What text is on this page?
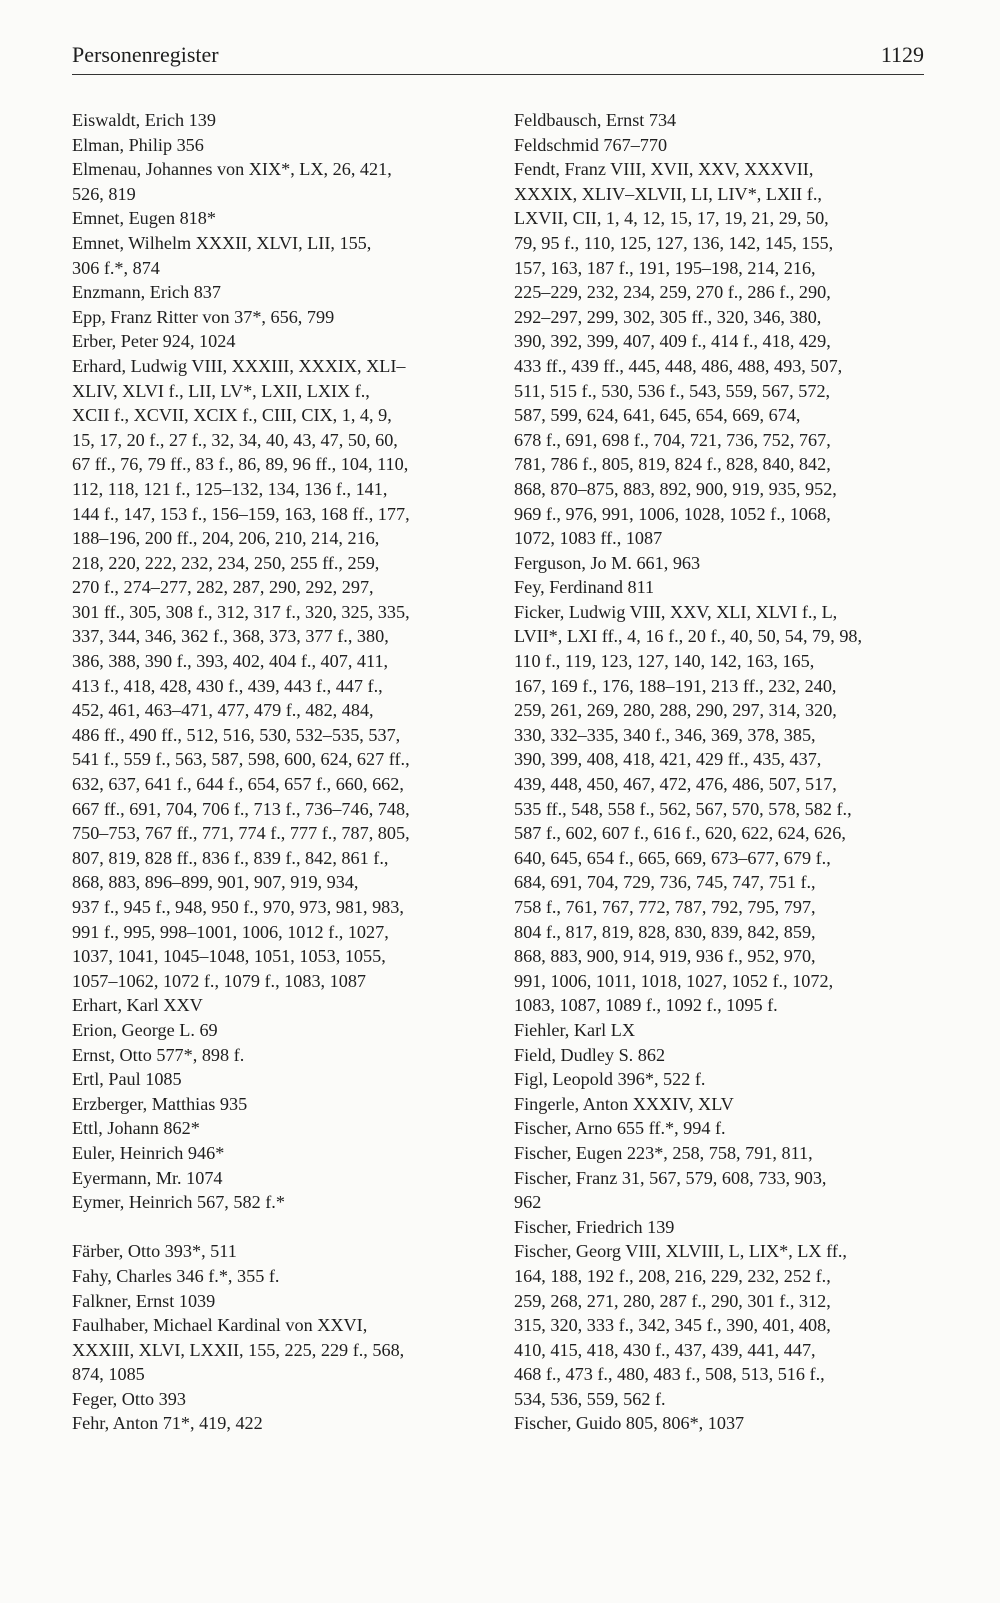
Personenregister	1129

Eiswaldt, Erich 139

Elman, Philip 356

Elmenau, Johannes von XIX*, LX, 26, 421,
526, 819

Emnet, Eugen 818*

Emnet, Wilhelm XXXII, XLVI, LII, 155,
306 f.*, 874

Enzmann, Erich 837

Epp, Franz Ritter von 37*, 656, 799

Erber, Peter 924, 1024

Erhard, Ludwig VIII, XXXIII, XXXIX, XLI–
XLIV, XLVI f., LII, LV*, LXII, LXIX f.,
XCII f., XCVII, XCIX f., CIII, CIX, 1, 4, 9,
15, 17, 20 f., 27 f., 32, 34, 40, 43, 47, 50, 60,
67 ff., 76, 79 ff., 83 f., 86, 89, 96 ff., 104, 110,
112, 118, 121 f., 125–132, 134, 136 f., 141,
144 f., 147, 153 f., 156–159, 163, 168 ff., 177,
188–196, 200 ff., 204, 206, 210, 214, 216,
218, 220, 222, 232, 234, 250, 255 ff., 259,
270 f., 274–277, 282, 287, 290, 292, 297,
301 ff., 305, 308 f., 312, 317 f., 320, 325, 335,
337, 344, 346, 362 f., 368, 373, 377 f., 380,
386, 388, 390 f., 393, 402, 404 f., 407, 411,
413 f., 418, 428, 430 f., 439, 443 f., 447 f.,
452, 461, 463–471, 477, 479 f., 482, 484,
486 ff., 490 ff., 512, 516, 530, 532–535, 537,
541 f., 559 f., 563, 587, 598, 600, 624, 627 ff.,
632, 637, 641 f., 644 f., 654, 657 f., 660, 662,
667 ff., 691, 704, 706 f., 713 f., 736–746, 748,
750–753, 767 ff., 771, 774 f., 777 f., 787, 805,
807, 819, 828 ff., 836 f., 839 f., 842, 861 f.,
868, 883, 896–899, 901, 907, 919, 934,
937 f., 945 f., 948, 950 f., 970, 973, 981, 983,
991 f., 995, 998–1001, 1006, 1012 f., 1027,
1037, 1041, 1045–1048, 1051, 1053, 1055,
1057–1062, 1072 f., 1079 f., 1083, 1087

Erhart, Karl XXV

Erion, George L. 69

Ernst, Otto 577*, 898 f.

Ertl, Paul 1085

Erzberger, Matthias 935

Ettl, Johann 862*

Euler, Heinrich 946*

Eyermann, Mr. 1074

Eymer, Heinrich 567, 582 f.*

Färber, Otto 393*, 511

Fahy, Charles 346 f.*, 355 f.

Falkner, Ernst 1039

Faulhaber, Michael Kardinal von XXVI,
XXXIII, XLVI, LXXII, 155, 225, 229 f., 568,
874, 1085

Feger, Otto 393

Fehr, Anton 71*, 419, 422

Feldbausch, Ernst 734

Feldschmid 767–770

Fendt, Franz VIII, XVII, XXV, XXXVII,
XXXIX, XLIV–XLVII, LI, LIV*, LXII f.,
LXVII, CII, 1, 4, 12, 15, 17, 19, 21, 29, 50,
79, 95 f., 110, 125, 127, 136, 142, 145, 155,
157, 163, 187 f., 191, 195–198, 214, 216,
225–229, 232, 234, 259, 270 f., 286 f., 290,
292–297, 299, 302, 305 ff., 320, 346, 380,
390, 392, 399, 407, 409 f., 414 f., 418, 429,
433 ff., 439 ff., 445, 448, 486, 488, 493, 507,
511, 515 f., 530, 536 f., 543, 559, 567, 572,
587, 599, 624, 641, 645, 654, 669, 674,
678 f., 691, 698 f., 704, 721, 736, 752, 767,
781, 786 f., 805, 819, 824 f., 828, 840, 842,
868, 870–875, 883, 892, 900, 919, 935, 952,
969 f., 976, 991, 1006, 1028, 1052 f., 1068,
1072, 1083 ff., 1087

Ferguson, Jo M. 661, 963

Fey, Ferdinand 811

Ficker, Ludwig VIII, XXV, XLI, XLVI f., L,
LVII*, LXI ff., 4, 16 f., 20 f., 40, 50, 54, 79, 98,
110 f., 119, 123, 127, 140, 142, 163, 165,
167, 169 f., 176, 188–191, 213 ff., 232, 240,
259, 261, 269, 280, 288, 290, 297, 314, 320,
330, 332–335, 340 f., 346, 369, 378, 385,
390, 399, 408, 418, 421, 429 ff., 435, 437,
439, 448, 450, 467, 472, 476, 486, 507, 517,
535 ff., 548, 558 f., 562, 567, 570, 578, 582 f.,
587 f., 602, 607 f., 616 f., 620, 622, 624, 626,
640, 645, 654 f., 665, 669, 673–677, 679 f.,
684, 691, 704, 729, 736, 745, 747, 751 f.,
758 f., 761, 767, 772, 787, 792, 795, 797,
804 f., 817, 819, 828, 830, 839, 842, 859,
868, 883, 900, 914, 919, 936 f., 952, 970,
991, 1006, 1011, 1018, 1027, 1052 f., 1072,
1083, 1087, 1089 f., 1092 f., 1095 f.

Fiehler, Karl LX

Field, Dudley S. 862

Figl, Leopold 396*, 522 f.

Fingerle, Anton XXXIV, XLV

Fischer, Arno 655 ff.*, 994 f.

Fischer, Eugen 223*, 258, 758, 791, 811,

Fischer, Franz 31, 567, 579, 608, 733, 903,
962

Fischer, Friedrich 139

Fischer, Georg VIII, XLVIII, L, LIX*, LX ff.,
164, 188, 192 f., 208, 216, 229, 232, 252 f.,
259, 268, 271, 280, 287 f., 290, 301 f., 312,
315, 320, 333 f., 342, 345 f., 390, 401, 408,
410, 415, 418, 430 f., 437, 439, 441, 447,
468 f., 473 f., 480, 483 f., 508, 513, 516 f.,
534, 536, 559, 562 f.

Fischer, Guido 805, 806*, 1037
